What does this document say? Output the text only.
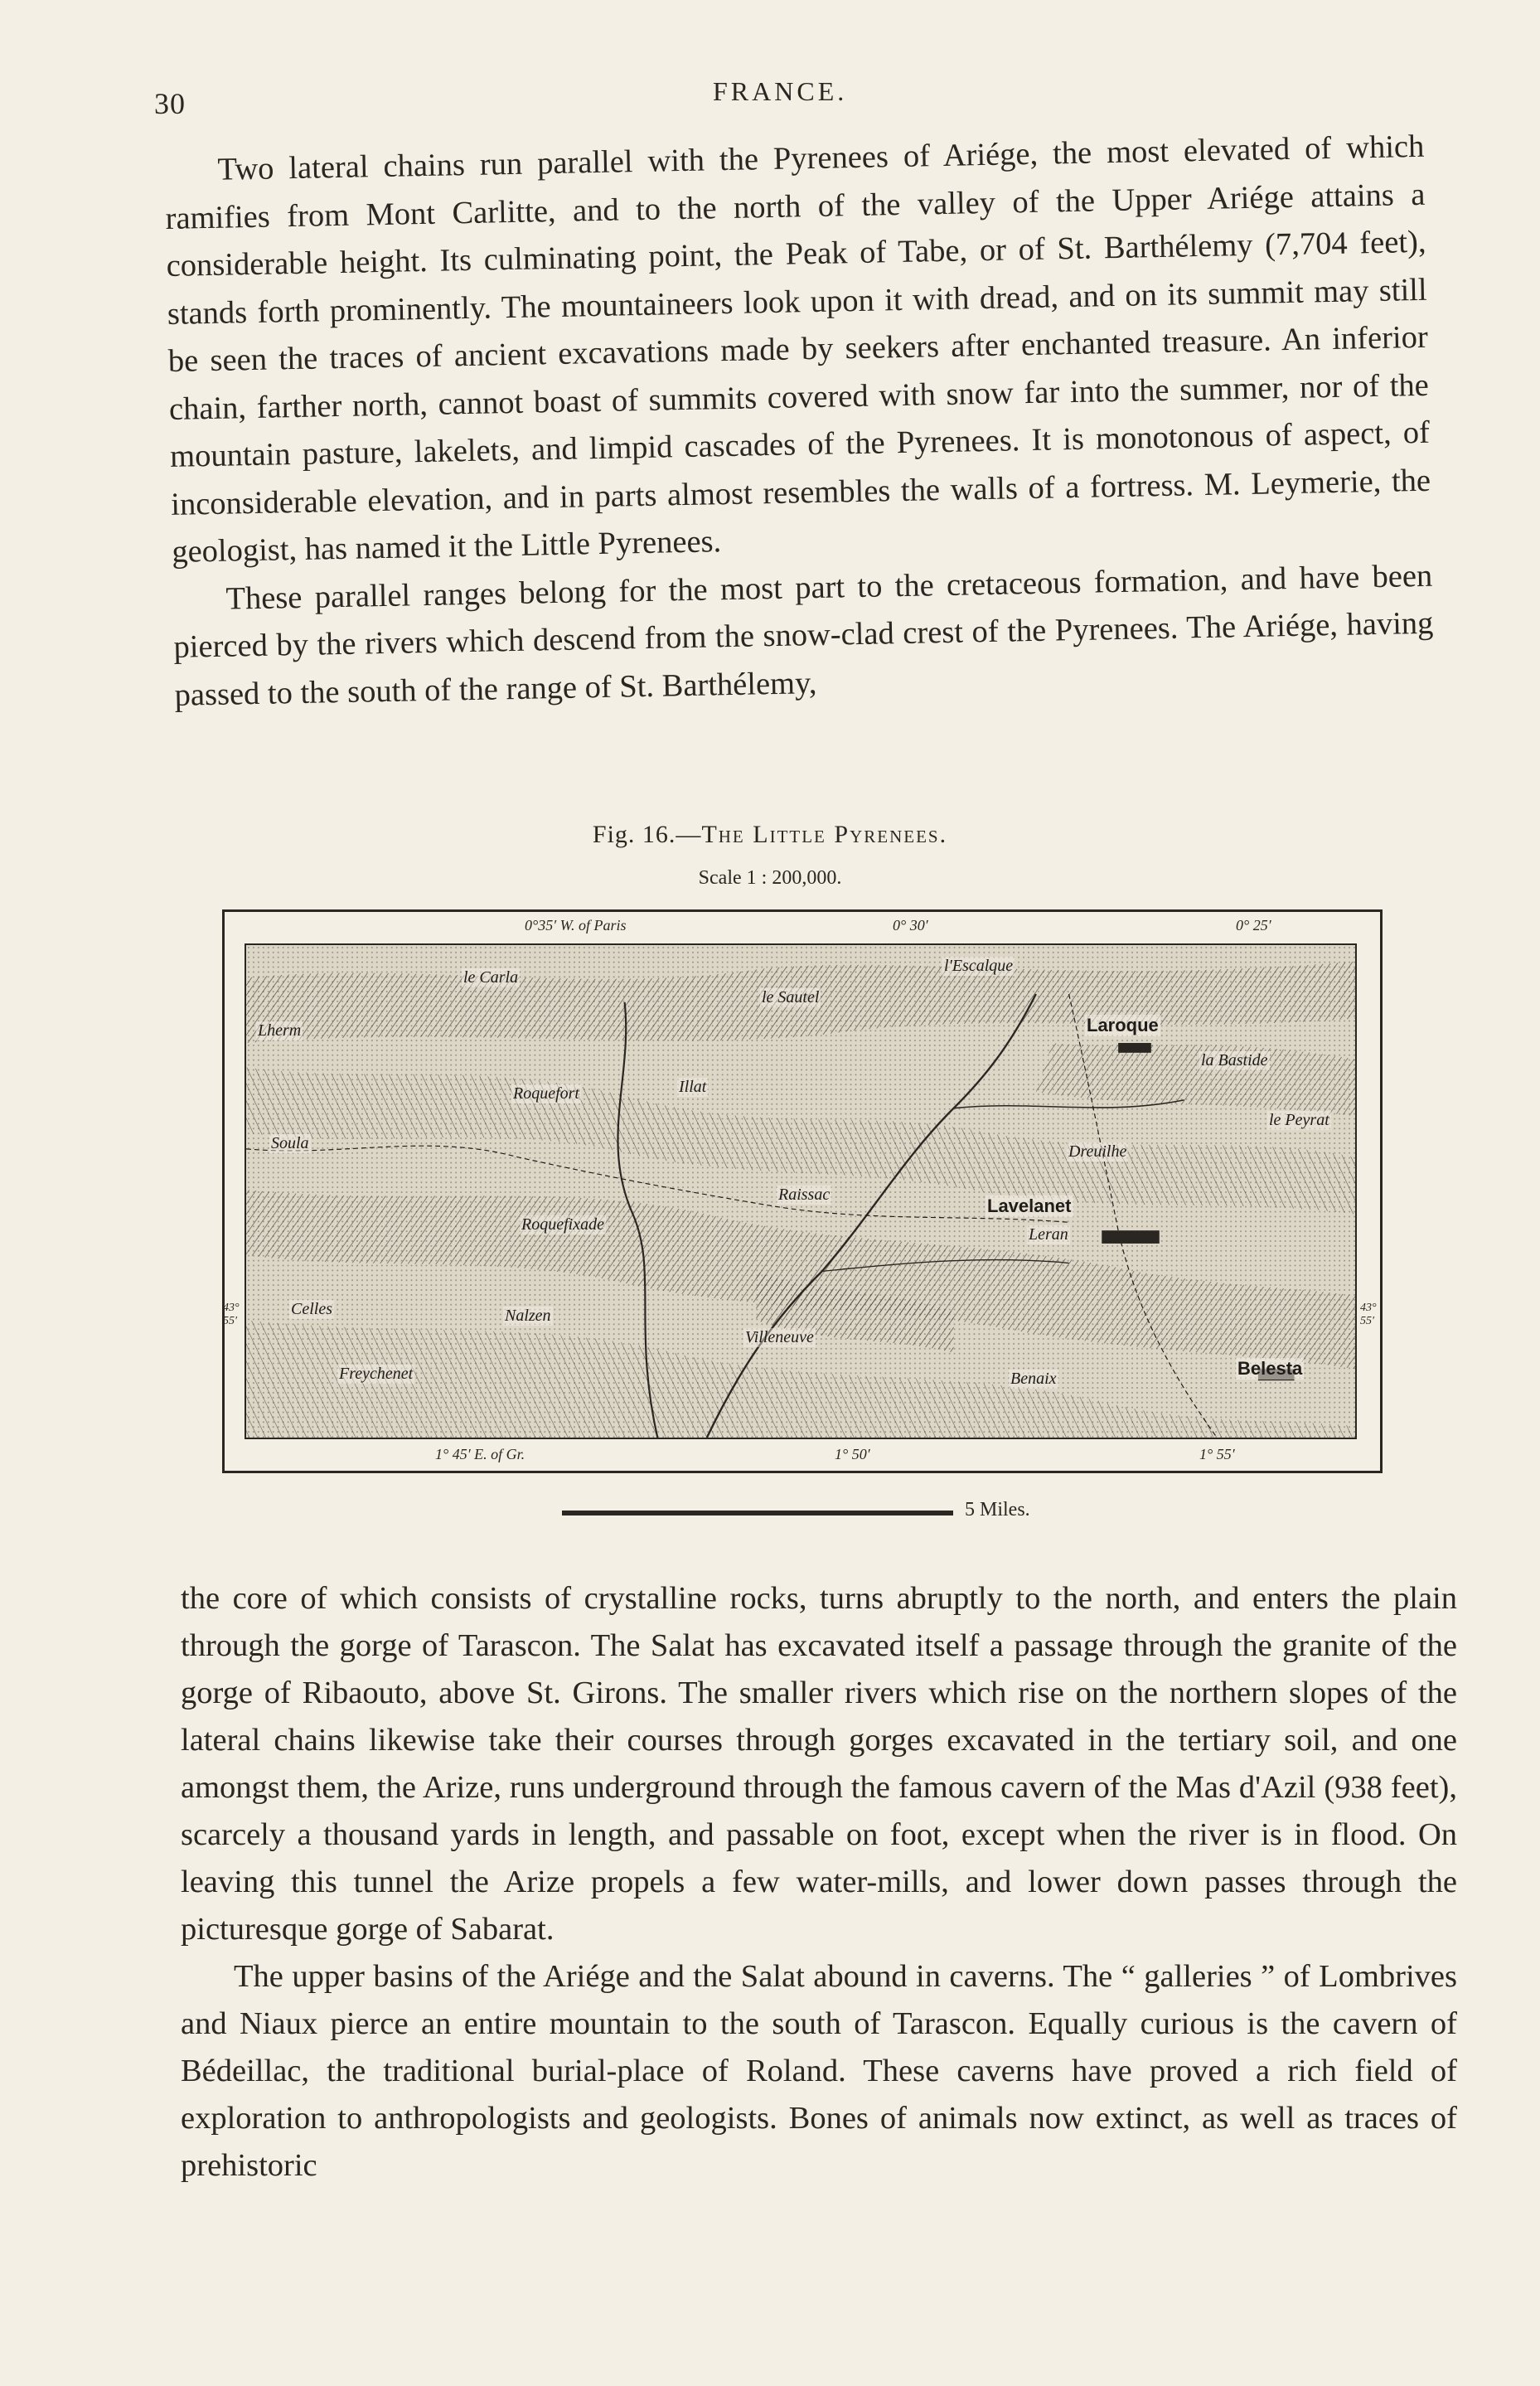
30	FRANCE.

Two lateral chains run parallel with the Pyrenees of Ariége, the most elevated of which ramifies from Mont Carlitte, and to the north of the valley of the Upper Ariége attains a considerable height. Its culminating point, the Peak of Tabe, or of St. Barthélemy (7,704 feet), stands forth prominently. The mountaineers look upon it with dread, and on its summit may still be seen the traces of ancient excavations made by seekers after enchanted treasure. An inferior chain, farther north, cannot boast of summits covered with snow far into the summer, nor of the mountain pasture, lakelets, and limpid cascades of the Pyrenees. It is monotonous of aspect, of inconsiderable elevation, and in parts almost resembles the walls of a fortress. M. Leymerie, the geologist, has named it the Little Pyrenees.

These parallel ranges belong for the most part to the cretaceous formation, and have been pierced by the rivers which descend from the snow-clad crest of the Pyrenees. The Ariége, having passed to the south of the range of St. Barthélemy,

Fig. 16.—The Little Pyrenees.
Scale 1 : 200,000.
0°35′ W. of Paris	0° 30′	0° 25′
1° 45′ E. of Gr.	1° 50′	1° 55′
43° 55′
43° 55′
le Carla
le Sautel
l'Escalque
Lherm
Roquefort	Illat
Laroque
la Bastide
le Peyrat
Soula	Dreuilhe
Raissac
Lavelanet
Leran
Roquefixade
Celles	Nalzen
Villeneuve
Freychenet	Benaix	Belesta
5 Miles.

the core of which consists of crystalline rocks, turns abruptly to the north, and enters the plain through the gorge of Tarascon. The Salat has excavated itself a passage through the granite of the gorge of Ribaouto, above St. Girons. The smaller rivers which rise on the northern slopes of the lateral chains likewise take their courses through gorges excavated in the tertiary soil, and one amongst them, the Arize, runs underground through the famous cavern of the Mas d'Azil (938 feet), scarcely a thousand yards in length, and passable on foot, except when the river is in flood. On leaving this tunnel the Arize propels a few water-mills, and lower down passes through the picturesque gorge of Sabarat.

The upper basins of the Ariége and the Salat abound in caverns. The “ galleries ” of Lombrives and Niaux pierce an entire mountain to the south of Tarascon. Equally curious is the cavern of Bédeillac, the traditional burial-place of Roland. These caverns have proved a rich field of exploration to anthropologists and geologists. Bones of animals now extinct, as well as traces of prehistoric
